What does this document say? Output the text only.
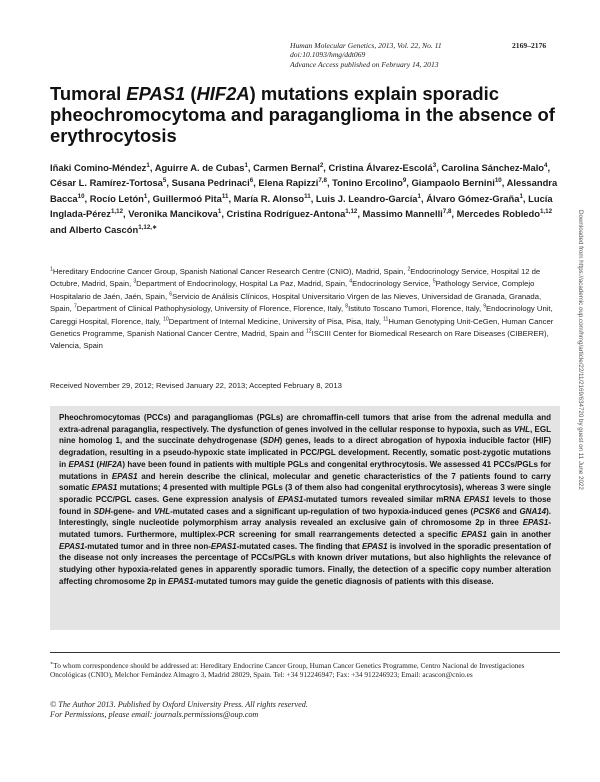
Human Molecular Genetics, 2013, Vol. 22, No. 11	2169–2176
doi:10.1093/hmg/ddt069
Advance Access published on February 14, 2013
Tumoral EPAS1 (HIF2A) mutations explain sporadic pheochromocytoma and paraganglioma in the absence of erythrocytosis
Iñaki Comino-Méndez$^1$, Aguirre A. de Cubas$^1$, Carmen Bernal$^2$, Cristina Álvarez-Escolá$^3$, Carolina Sánchez-Malo$^4$, César L. Ramírez-Tortosa$^5$, Susana Pedrinaci$^6$, Elena Rapizzi$^{7,8}$, Tonino Ercolino$^9$, Giampaolo Bernini$^{10}$, Alessandra Bacca$^{10}$, Rocío Letón$^1$, Guillermoó Pita$^{11}$, María R. Alonso$^{11}$, Luis J. Leandro-García$^1$, Álvaro Gómez-Graña$^1$, Lucía Inglada-Pérez$^{1,12}$, Veronika Mancikova$^1$, Cristina Rodríguez-Antona$^{1,12}$, Massimo Mannelli$^{7,8}$, Mercedes Robledo$^{1,12}$ and Alberto Cascón$^{1,12,∗}$
$^1$Hereditary Endocrine Cancer Group, Spanish National Cancer Research Centre (CNIO), Madrid, Spain, $^2$Endocrinology Service, Hospital 12 de Octubre, Madrid, Spain, $^3$Department of Endocrinology, Hospital La Paz, Madrid, Spain, $^4$Endocrinology Service, $^5$Pathology Service, Complejo Hospitalario de Jaén, Jaén, Spain, $^6$Servicio de Análisis Clínicos, Hospital Universitario Virgen de las Nieves, Universidad de Granada, Granada, Spain, $^7$Department of Clinical Pathophysiology, University of Florence, Florence, Italy, $^8$Istituto Toscano Tumori, Florence, Italy, $^9$Endocrinology Unit, Careggi Hospital, Florence, Italy, $^{10}$Department of Internal Medicine, University of Pisa, Pisa, Italy, $^{11}$Human Genotyping Unit-CeGen, Human Cancer Genetics Programme, Spanish National Cancer Centre, Madrid, Spain and $^{12}$ISCIII Center for Biomedical Research on Rare Diseases (CIBERER), Valencia, Spain
Received November 29, 2012; Revised January 22, 2013; Accepted February 8, 2013

Pheochromocytomas (PCCs) and paragangliomas (PGLs) are chromaffin-cell tumors that arise from the adrenal medulla and extra-adrenal paraganglia, respectively. The dysfunction of genes involved in the cellular response to hypoxia, such as VHL, EGL nine homolog 1, and the succinate dehydrogenase (SDH) genes, leads to a direct abrogation of hypoxia inducible factor (HIF) degradation, resulting in a pseudo-hypoxic state implicated in PCC/PGL development. Recently, somatic post-zygotic mutations in EPAS1 (HIF2A) have been found in patients with multiple PGLs and congenital erythrocytosis. We assessed 41 PCCs/PGLs for mutations in EPAS1 and herein describe the clinical, molecular and genetic characteristics of the 7 patients found to carry somatic EPAS1 mutations; 4 presented with multiple PGLs (3 of them also had congenital erythrocytosis), whereas 3 were single sporadic PCC/PGL cases. Gene expression analysis of EPAS1-mutated tumors revealed similar mRNA EPAS1 levels to those found in SDH-gene- and VHL-mutated cases and a significant up-regulation of two hypoxia-induced genes (PCSK6 and GNA14). Interestingly, single nucleotide polymorphism array analysis revealed an exclusive gain of chromosome 2p in three EPAS1-mutated tumors. Furthermore, multiplex-PCR screening for small rearrangements detected a specific EPAS1 gain in another EPAS1-mutated tumor and in three non-EPAS1-mutated cases. The finding that EPAS1 is involved in the sporadic presentation of the disease not only increases the percentage of PCCs/PGLs with known driver mutations, but also highlights the relevance of studying other hypoxia-related genes in apparently sporadic tumors. Finally, the detection of a specific copy number alteration affecting chromosome 2p in EPAS1-mutated tumors may guide the genetic diagnosis of patients with this disease.

∗To whom correspondence should be addressed at: Hereditary Endocrine Cancer Group, Human Cancer Genetics Programme, Centro Nacional de Investigaciones Oncológicas (CNIO), Melchor Fernández Almagro 3, Madrid 28029, Spain. Tel: +34 912246947; Fax: +34 912246923; Email: acascon@cnio.es
© The Author 2013. Published by Oxford University Press. All rights reserved.
For Permissions, please email: journals.permissions@oup.com
Downloaded from https://academic.oup.com/hmg/article/22/11/2169/634720 by guest on 11 June 2022
